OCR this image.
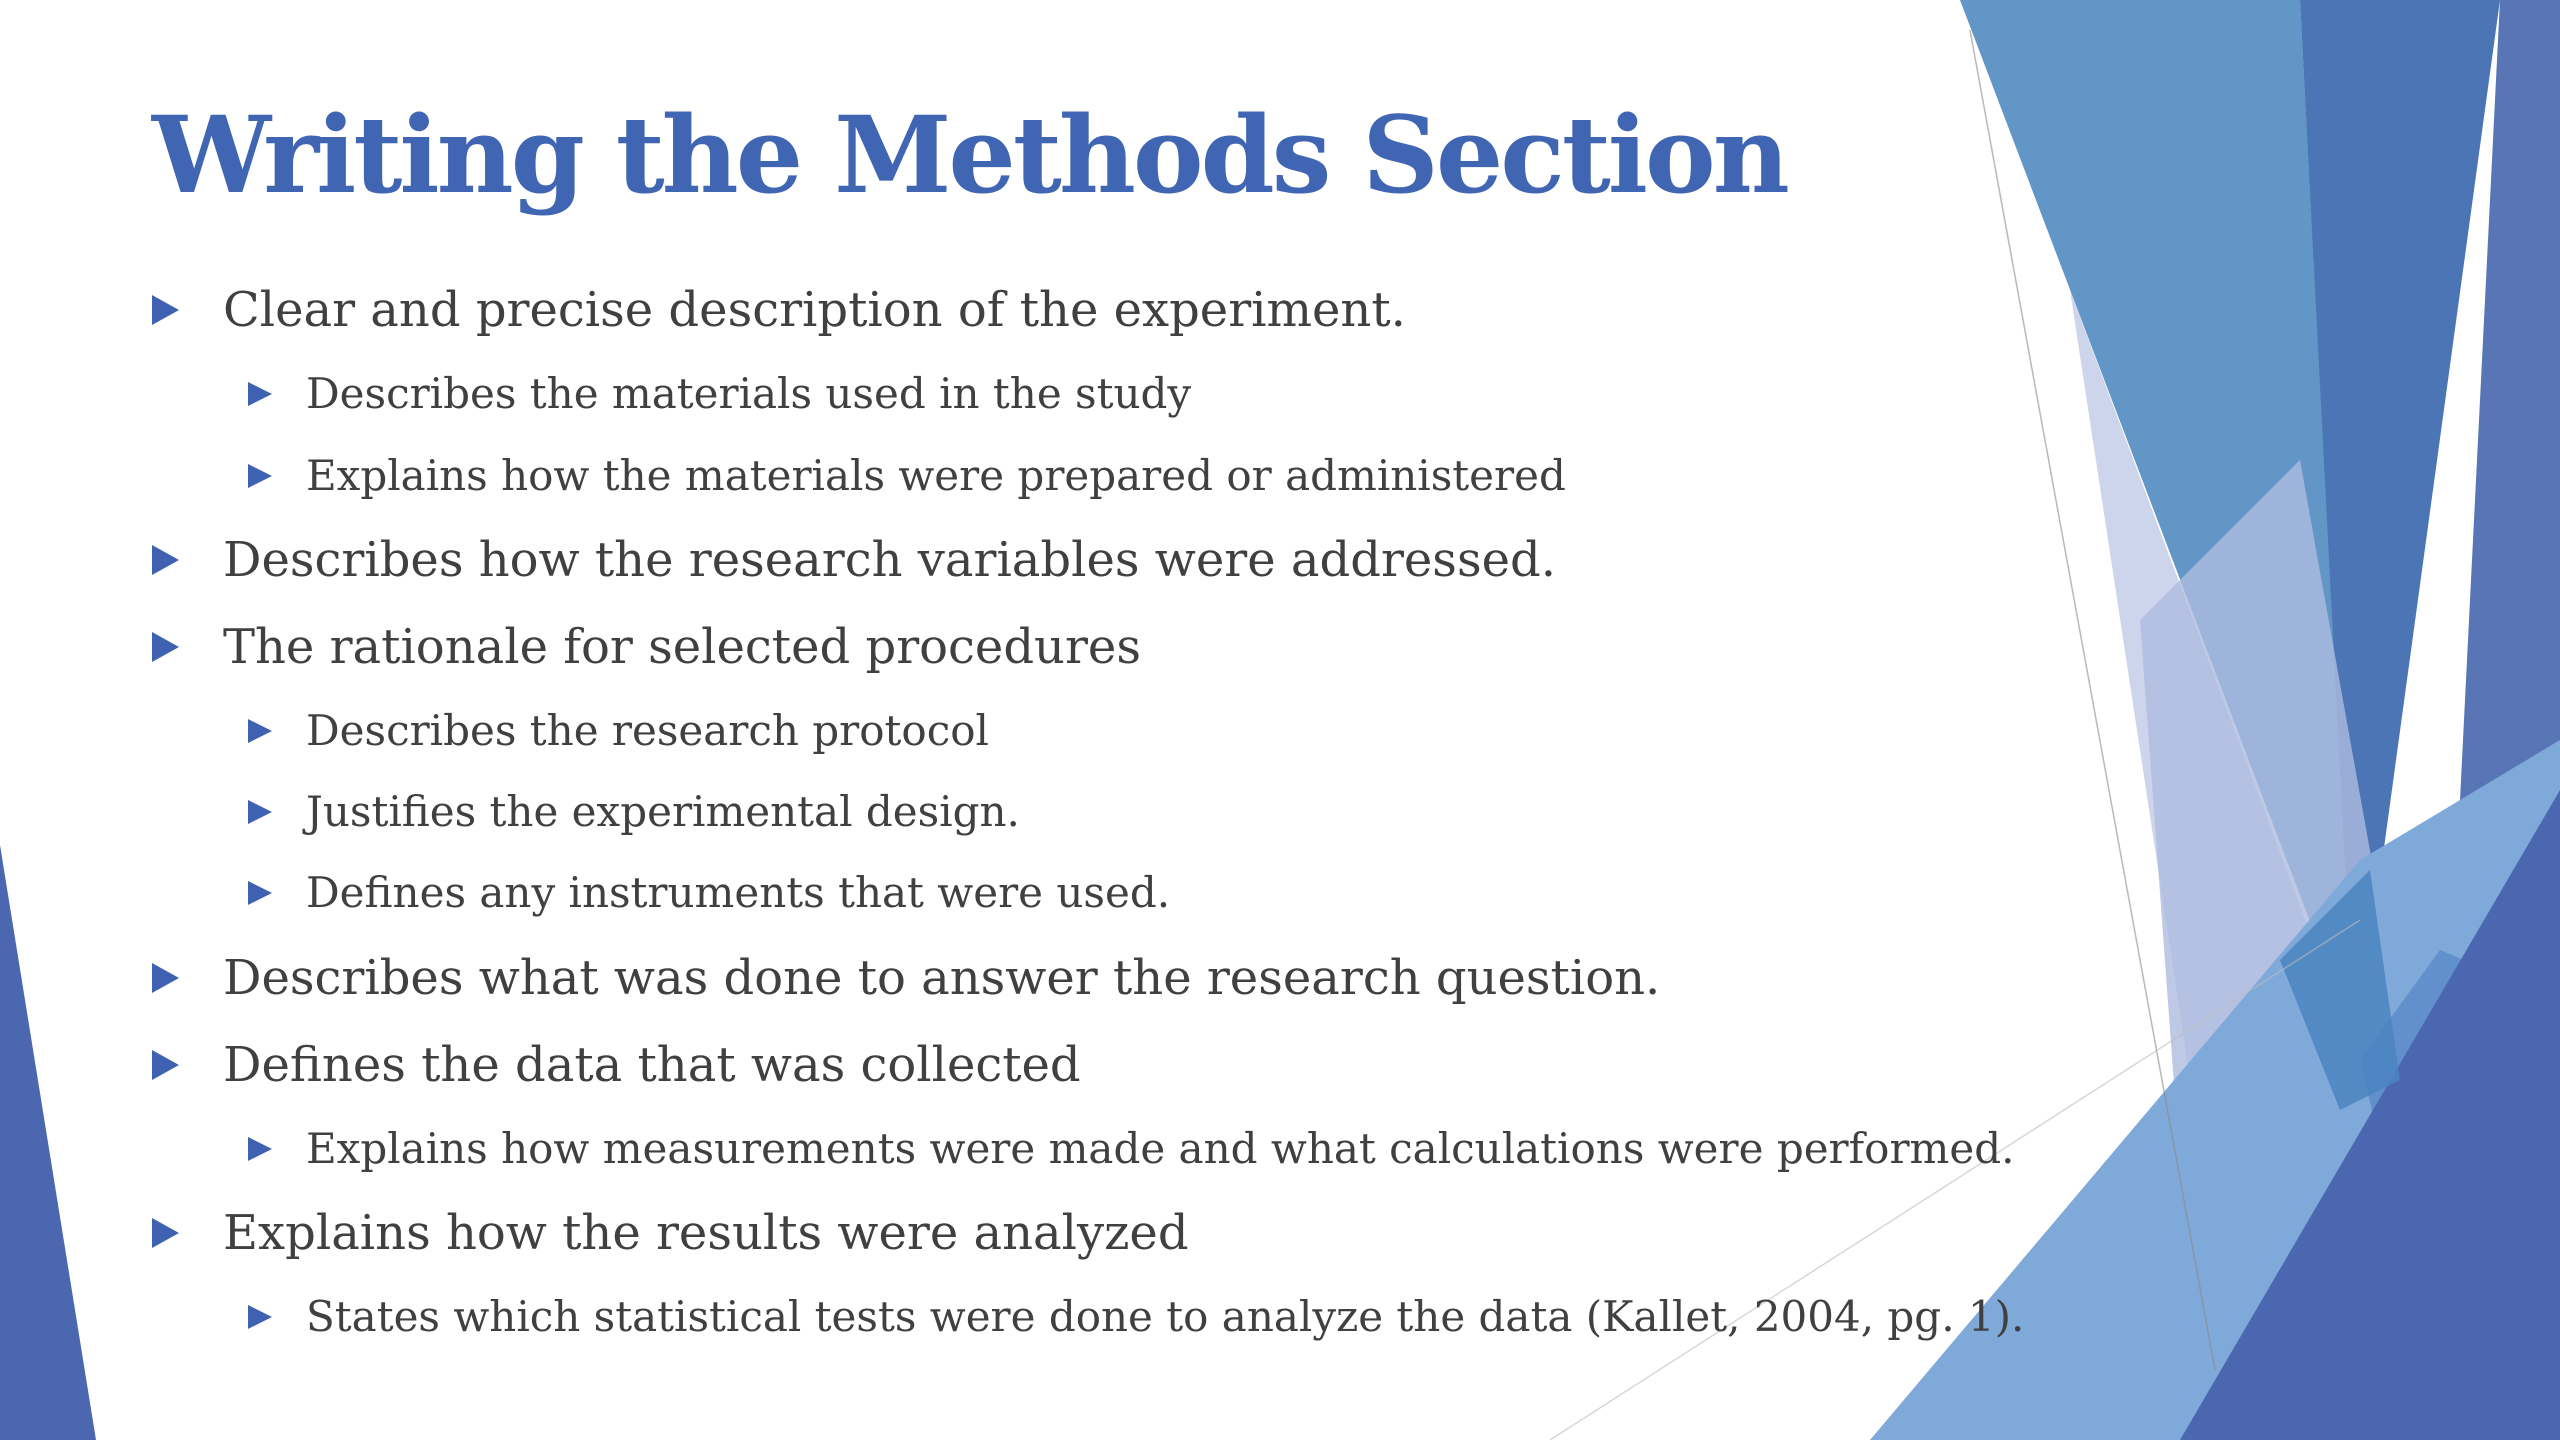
Writing the Methods Section
Clear and precise description of the experiment.
Describes the materials used in the study
Explains how the materials were prepared or administered
Describes how the research variables were addressed.
The rationale for selected procedures
Describes the research protocol
Justifies the experimental design.
Defines any instruments that were used.
Describes what was done to answer the research question.
Defines the data that was collected
Explains how measurements were made and what calculations were performed.
Explains how the results were analyzed
States which statistical tests were done to analyze the data (Kallet, 2004, pg. 1).
